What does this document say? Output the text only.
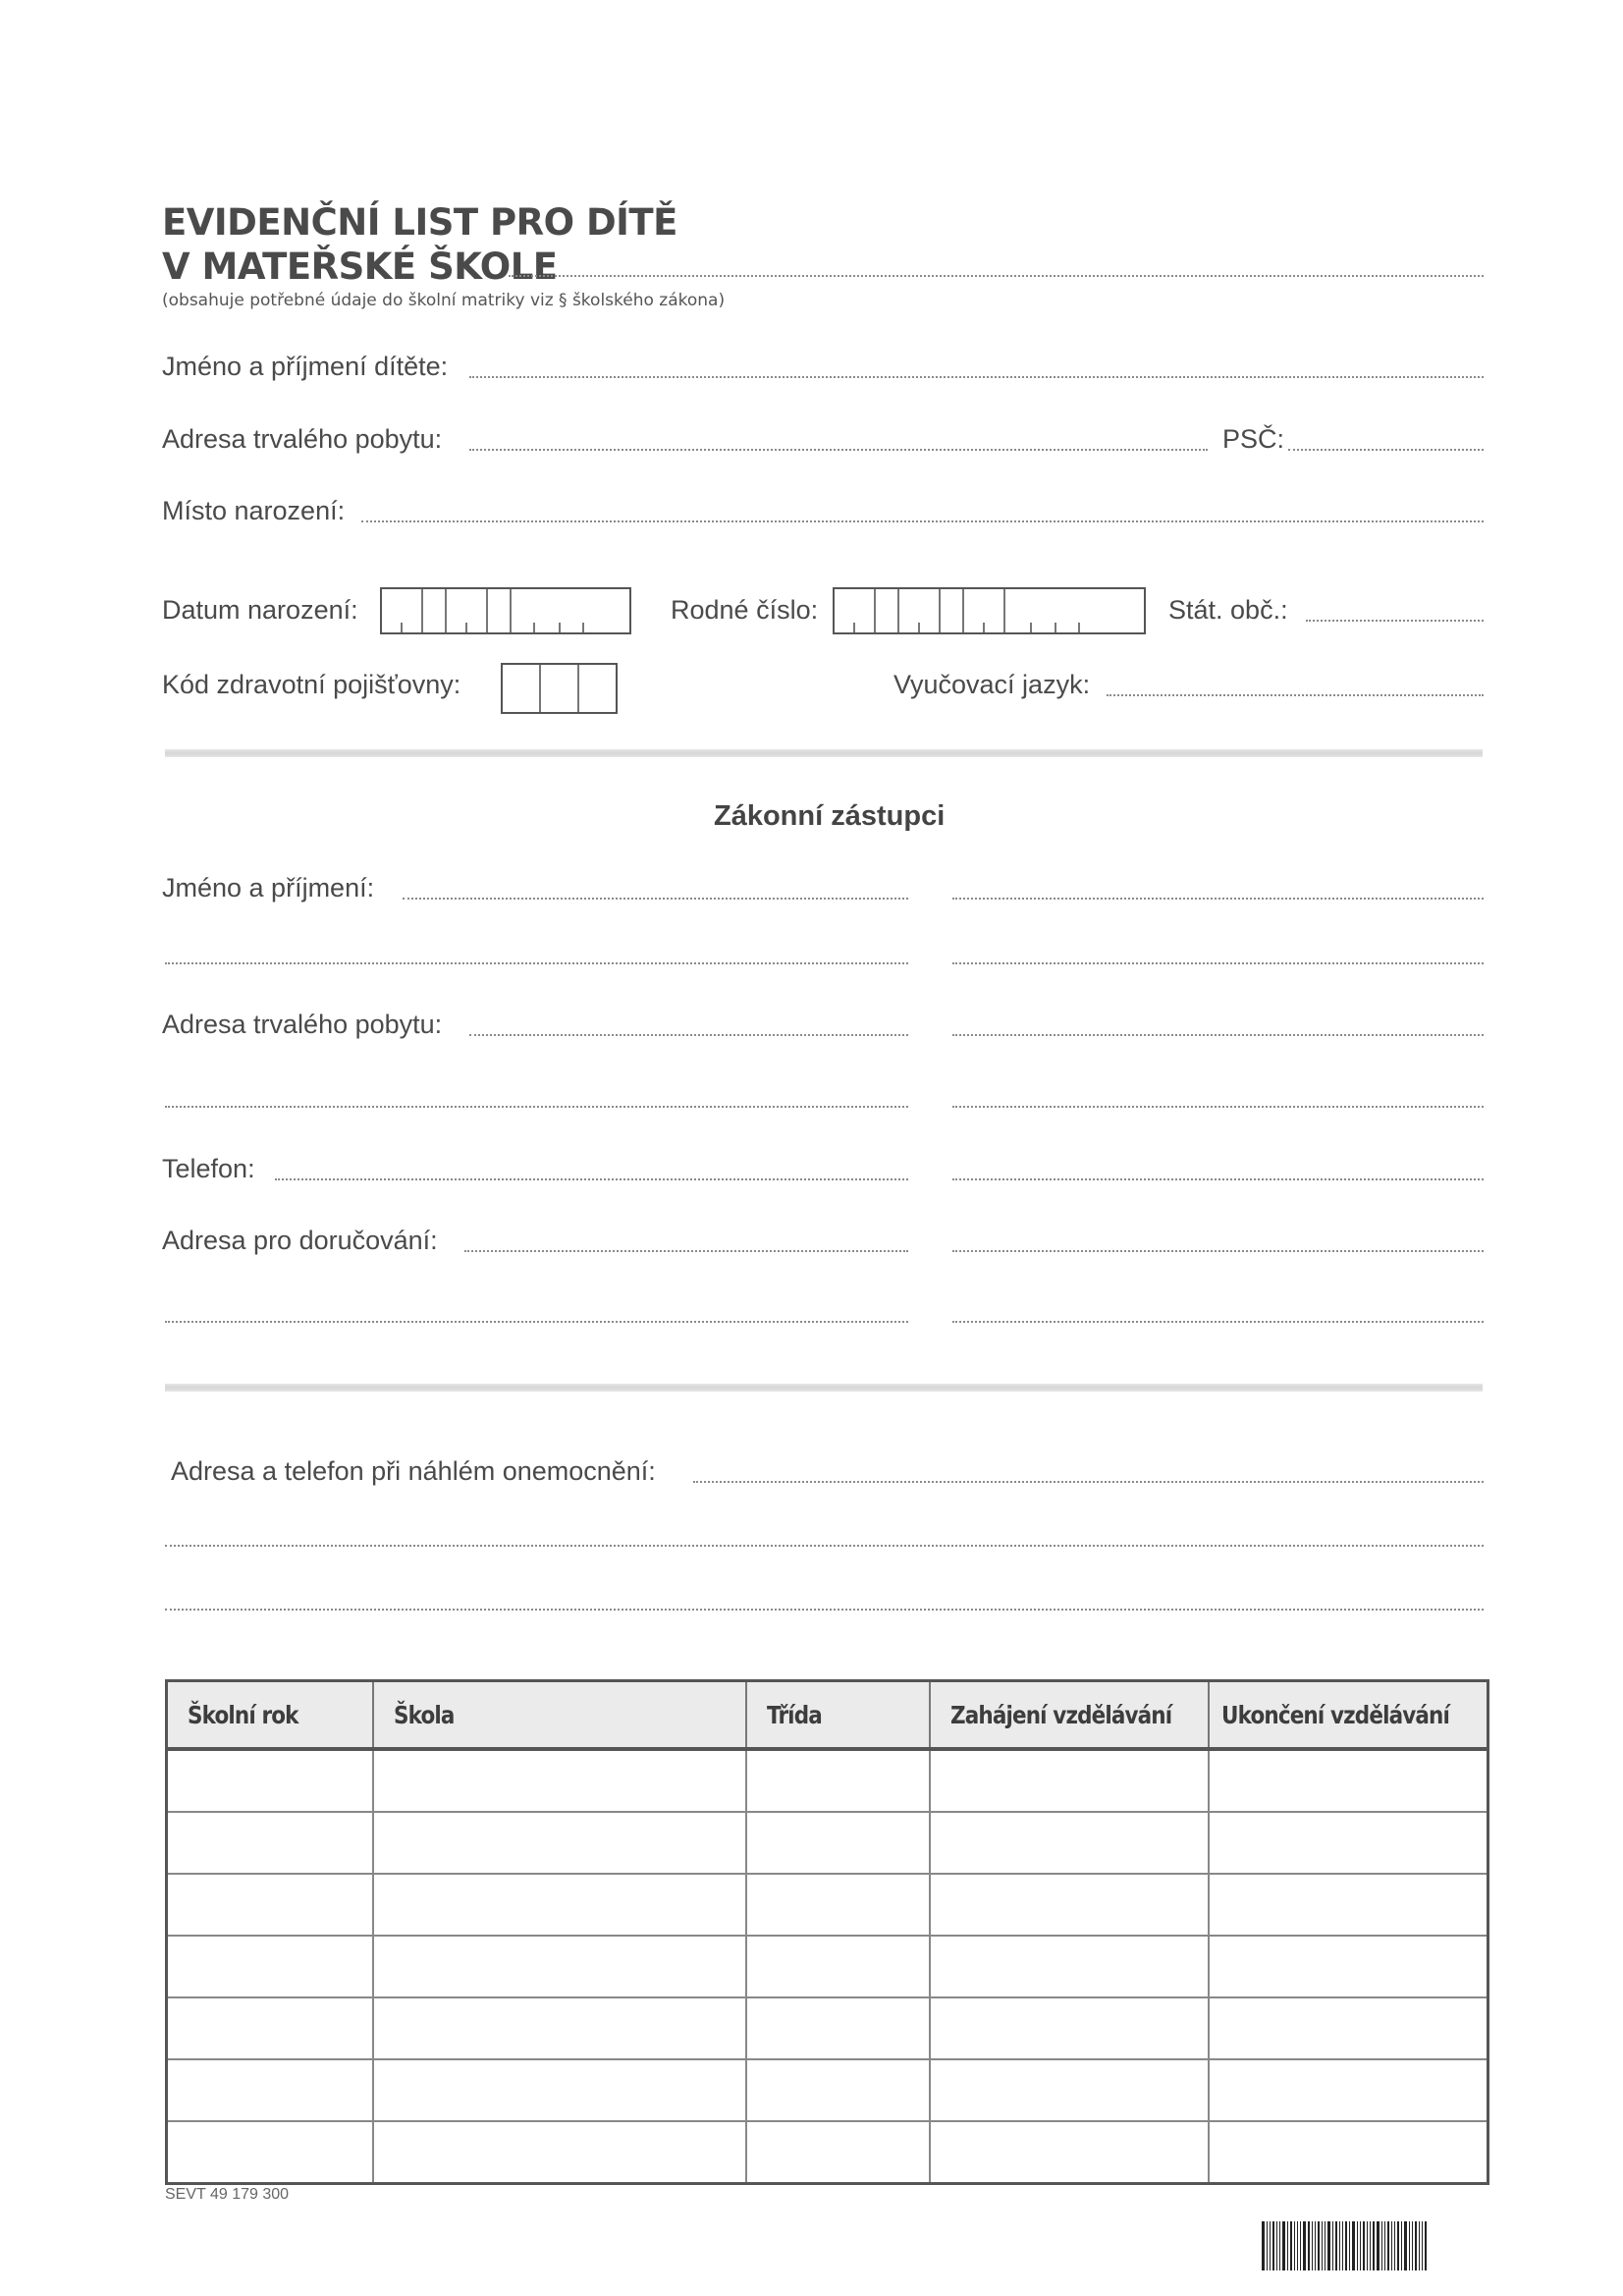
EVIDENČNÍ LIST PRO DÍTĚ
V MATEŘSKÉ ŠKOLE
(obsahuje potřebné údaje do školní matriky viz § školského zákona)
Jméno a příjmení dítěte:
Adresa trvalého pobytu:	PSČ:
Místo narození:
Datum narození:	Rodné číslo:	Stát. obč.:
Kód zdravotní pojišťovny:	Vyučovací jazyk:
Zákonní zástupci
Jméno a příjmení:
Adresa trvalého pobytu:
Telefon:
Adresa pro doručování:
Adresa a telefon při náhlém onemocnění:
Školní rok	Škola	Třída	Zahájení vzdělávání	Ukončení vzdělávání

SEVT 49 179 300
